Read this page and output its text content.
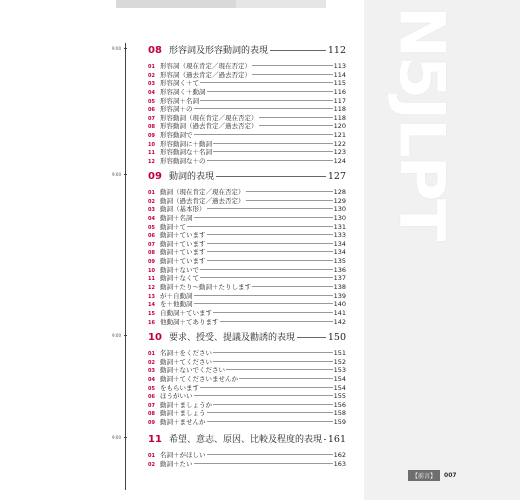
N5JLPT
9:00
9:00
9:00
9:00
08 形容詞及形容動詞的表現	112
01 形容詞（現在肯定／現在否定）	113
02 形容詞（過去肯定／過去否定）	114
03 形容詞く＋て	115
04 形容詞く＋動詞	116
05 形容詞＋名詞	117
06 形容詞＋の	118
07 形容動詞（現在肯定／現在否定）	118
08 形容動詞（過去肯定／過去否定）	120
09 形容動詞で	121
10 形容動詞に＋動詞	122
11 形容動詞な＋名詞	123
12 形容動詞な＋の	124
09 動詞的表現	127
01 動詞（現在肯定／現在否定）	128
02 動詞（過去肯定／過去否定）	129
03 動詞（基本形）	130
04 動詞＋名詞	130
05 動詞＋て	131
06 動詞＋ています	133
07 動詞＋ています	134
08 動詞＋ています	134
09 動詞＋ています	135
10 動詞＋ないで	136
11 動詞＋なくて	137
12 動詞＋たり～動詞＋たりします	138
13 が＋自動詞	139
14 を＋他動詞	140
15 自動詞＋ています	141
16 他動詞＋てあります	142
10 要求、授受、提議及勸誘的表現	150
01 名詞＋をください	151
02 動詞＋てください	152
03 動詞＋ないでください	153
04 動詞＋てくださいませんか	154
05 をもらいます	154
06 ほうがいい	155
07 動詞＋ましょうか	156
08 動詞＋ましょう	158
09 動詞＋ませんか	159
11 希望、意志、原因、比較及程度的表現 161
01 名詞＋がほしい	162
02 動詞＋たい	163
【前言】	007
